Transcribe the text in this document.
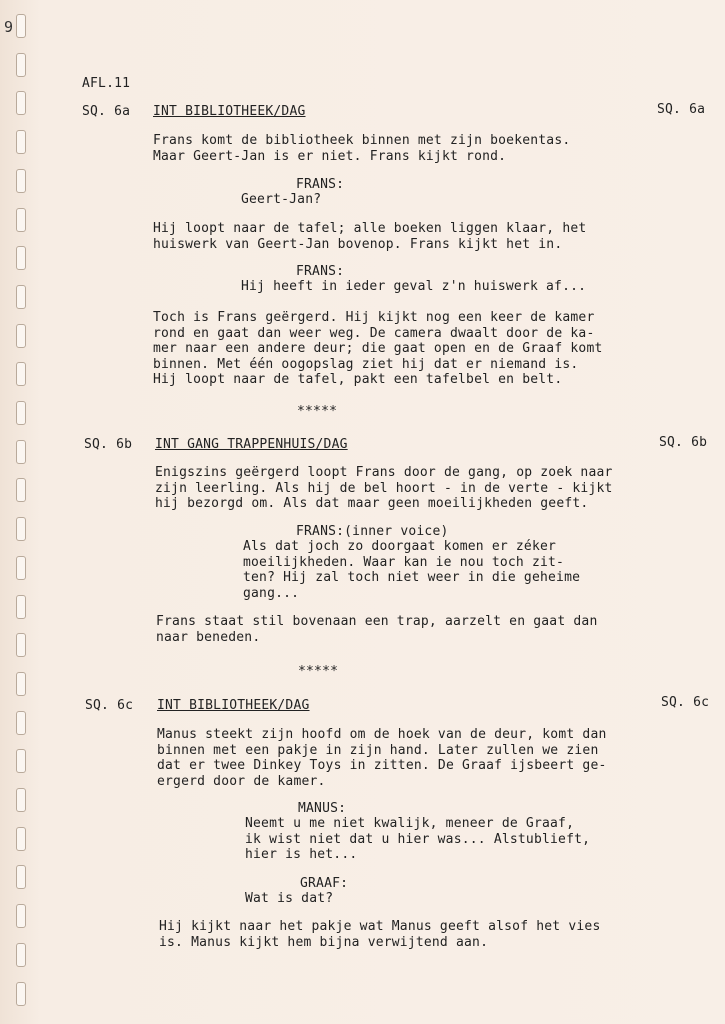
9
AFL.11
SQ. 6a INT BIBLIOTHEEK/DAG	SQ. 6a
Frans komt de bibliotheek binnen met zijn boekentas.
Maar Geert-Jan is er niet. Frans kijkt rond.
FRANS:
Geert-Jan?
Hij loopt naar de tafel; alle boeken liggen klaar, het
huiswerk van Geert-Jan bovenop. Frans kijkt het in.
FRANS:
Hij heeft in ieder geval z'n huiswerk af...
Toch is Frans geërgerd. Hij kijkt nog een keer de kamer
rond en gaat dan weer weg. De camera dwaalt door de ka-
mer naar een andere deur; die gaat open en de Graaf komt
binnen. Met één oogopslag ziet hij dat er niemand is.
Hij loopt naar de tafel, pakt een tafelbel en belt.
*****
SQ. 6b INT GANG TRAPPENHUIS/DAG	SQ. 6b
Enigszins geërgerd loopt Frans door de gang, op zoek naar
zijn leerling. Als hij de bel hoort - in de verte - kijkt
hij bezorgd om. Als dat maar geen moeilijkheden geeft.
FRANS:(inner voice)
Als dat joch zo doorgaat komen er zéker
moeilijkheden. Waar kan ie nou toch zit-
ten? Hij zal toch niet weer in die geheime
gang...
Frans staat stil bovenaan een trap, aarzelt en gaat dan
naar beneden.
*****
SQ. 6c INT BIBLIOTHEEK/DAG	SQ. 6c
Manus steekt zijn hoofd om de hoek van de deur, komt dan
binnen met een pakje in zijn hand. Later zullen we zien
dat er twee Dinkey Toys in zitten. De Graaf ijsbeert ge-
ergerd door de kamer.
MANUS:
Neemt u me niet kwalijk, meneer de Graaf,
ik wist niet dat u hier was... Alstublieft,
hier is het...
GRAAF:
Wat is dat?
Hij kijkt naar het pakje wat Manus geeft alsof het vies
is. Manus kijkt hem bijna verwijtend aan.
